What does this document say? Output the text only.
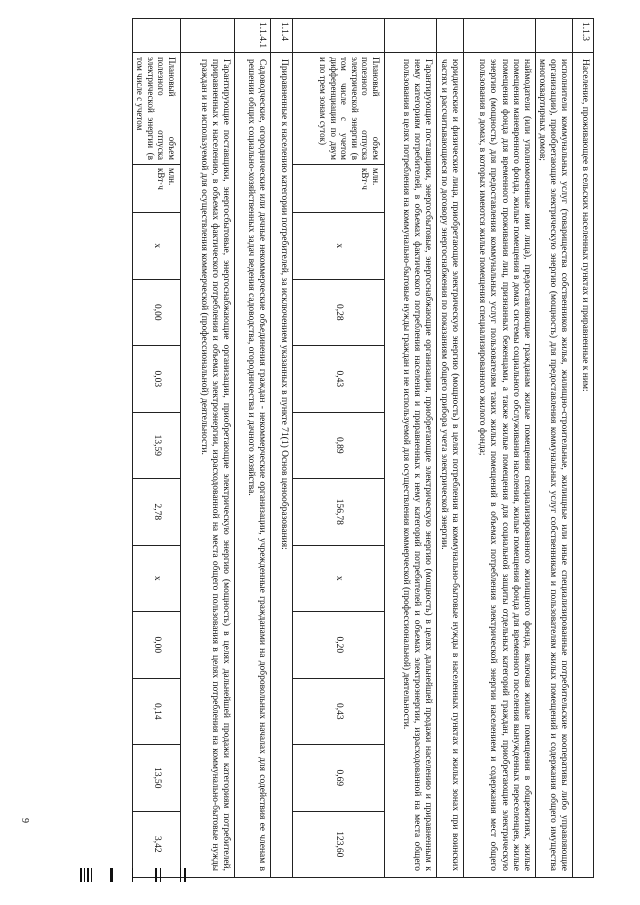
1.1.3
Население, проживающее в сельских населенных пунктах и приравненные к ним:
исполнители коммунальных услуг (товарищества собственников жилья, жилищно-строительные, жилищные или иные специализированные потребительские кооперативы либо управляющие организации), приобретающие электрическую энергию (мощность) для предоставления коммунальных услуг собственникам и пользователям жилых помещений и содержания общего имущества многоквартирных домов;
наймодатели (или уполномоченные ими лица), предоставляющие гражданам жилые помещения специализированного жилищного фонда, включая жилые помещения в общежитиях, жилые помещения маневренного фонда, жилые помещения в домах системы социального обслуживания населения, жилые помещения фонда для временного поселения вынужденных переселенцев, жилые помещения фонда для временного проживания лиц, признанных беженцами, а также жилые помещения для социальной защиты отдельных категорий граждан, приобретающие электрическую энергию (мощность) для предоставления коммунальных услуг пользователям таких жилых помещений в объемах потребления электрической энергии населением и содержания мест общего пользования в домах, в которых имеются жилые помещения специализированного жилого фонда;
юридические и физические лица, приобретающие электрическую энергию (мощность) в целях потребления на коммунально-бытовые нужды в населенных пунктах и жилых зонах при воинских частях и рассчитывающиеся по договору энергоснабжения по показаниям общего прибора учета электрической энергии.
Гарантирующие поставщики, энергосбытовые, энергоснабжающие организации, приобретающие электрическую энергию (мощность) в целях дальнейшей продажи населению и приравненным к нему категориям потребителей, в объемах фактического потребления населения и приравненных к нему категорий потребителей и объемах электроэнергии, израсходованной на места общего пользования в целях потребления на коммунально-бытовые нужды граждан и не используемой для осуществления коммерческой (профессиональной) деятельности.
Плановый объем полезного отпуска электрической энергии (в том числе с учетом дифференциации по двум и по трем зонам суток)
млн. кВт·ч
x
0,28
0,43
0,89
156,78
x
0,20
0,43
0,69
123,60
1.1.4
Приравненные к населению категории потребителей, за исключением указанных в пункте 71(1) Основ ценообразования:
1.1.4.1
Садоводческие, огороднические или дачные некоммерческие объединения граждан - некоммерческие организации, учрежденные гражданами на добровольных началах для содействия ее членам в решении общих социально-хозяйственных задач ведения садоводства, огородничества и дачного хозяйства.
Гарантирующие поставщики, энергосбытовые, энергоснабжающие организации, приобретающие электрическую энергию (мощность) в целях дальнейшей продажи категориям потребителей, приравненных к населению, в объемах фактического потребления и объемах электроэнергии, израсходованной на места общего пользования в целях потребления на коммунально-бытовые нужды граждан и не используемой для осуществления коммерческой (профессиональной) деятельности.
Плановый объем полезного отпуска электрической энергии (в том числе с учетом
млн. кВт·ч
x
0,00
0,03
13,59
2,78
x
0,00
0,14
13,50
3,42
9
